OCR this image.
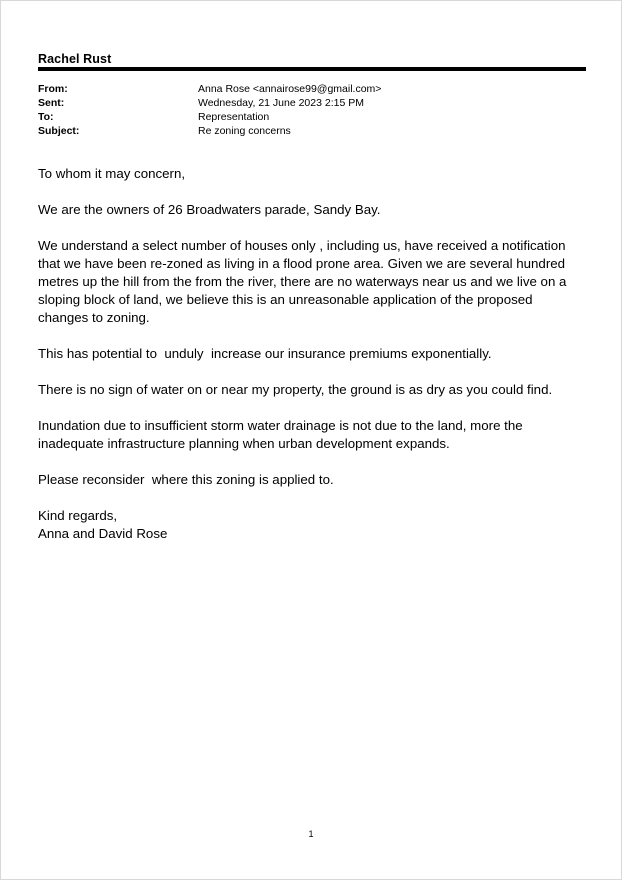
Rachel Rust
From:	Anna Rose <annairose99@gmail.com>
Sent:	Wednesday, 21 June 2023 2:15 PM
To:	Representation
Subject:	Re zoning concerns

To whom it may concern,

We are the owners of 26 Broadwaters parade, Sandy Bay.

We understand a select number of houses only , including us, have received a notification that we have been re-zoned as living in a flood prone area. Given we are several hundred metres up the hill from the from the river, there are no waterways near us and we live on a sloping block of land, we believe this is an unreasonable application of the proposed changes to zoning.

This has potential to  unduly  increase our insurance premiums exponentially.

There is no sign of water on or near my property, the ground is as dry as you could find.

Inundation due to insufficient storm water drainage is not due to the land, more the inadequate infrastructure planning when urban development expands.

Please reconsider  where this zoning is applied to.

Kind regards,

Anna and David Rose

1
